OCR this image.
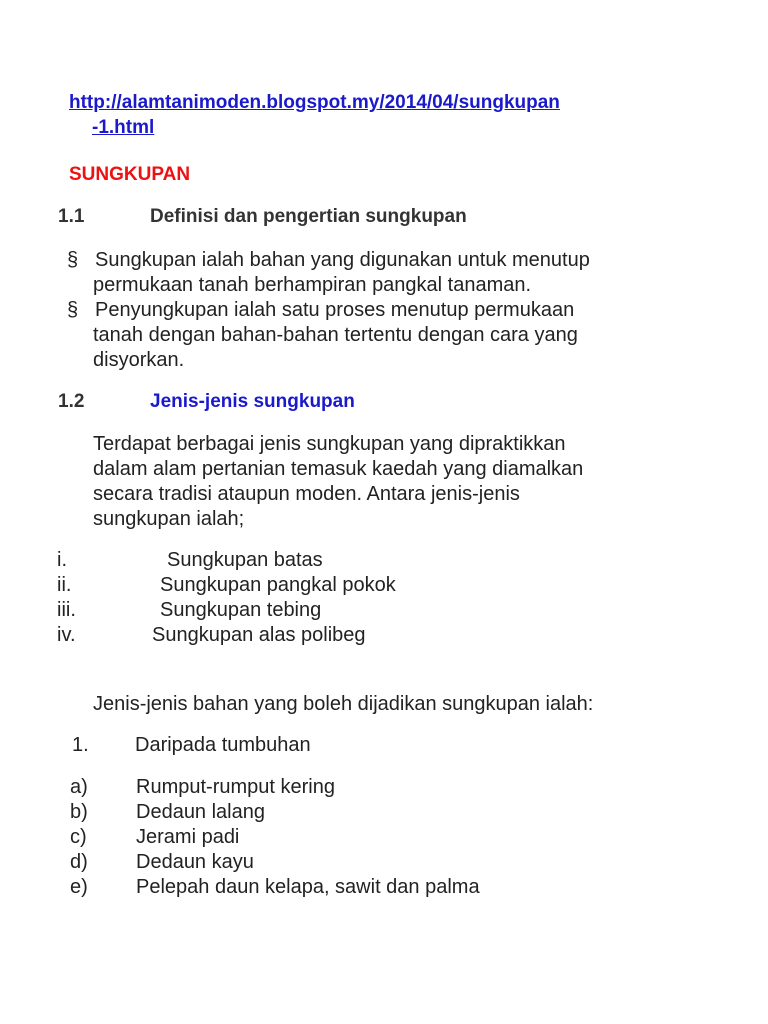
http://alamtanimoden.blogspot.my/2014/04/sungkupan
-1.html
SUNGKUPAN
1.1	Definisi dan pengertian sungkupan
§ Sungkupan ialah bahan yang digunakan untuk menutup
permukaan tanah berhampiran pangkal tanaman.
§ Penyungkupan ialah satu proses menutup permukaan
tanah dengan bahan-bahan tertentu dengan cara yang
disyorkan.
1.2	Jenis-jenis sungkupan
Terdapat berbagai jenis sungkupan yang dipraktikkan
dalam alam pertanian temasuk kaedah yang diamalkan
secara tradisi ataupun moden. Antara jenis-jenis
sungkupan ialah;
i.	Sungkupan batas
ii.	Sungkupan pangkal pokok
iii.	Sungkupan tebing
iv.	Sungkupan alas polibeg
Jenis-jenis bahan yang boleh dijadikan sungkupan ialah:
1. Daripada tumbuhan
a) Rumput-rumput kering
b) Dedaun lalang
c) Jerami padi
d) Dedaun kayu
e) Pelepah daun kelapa, sawit dan palma
